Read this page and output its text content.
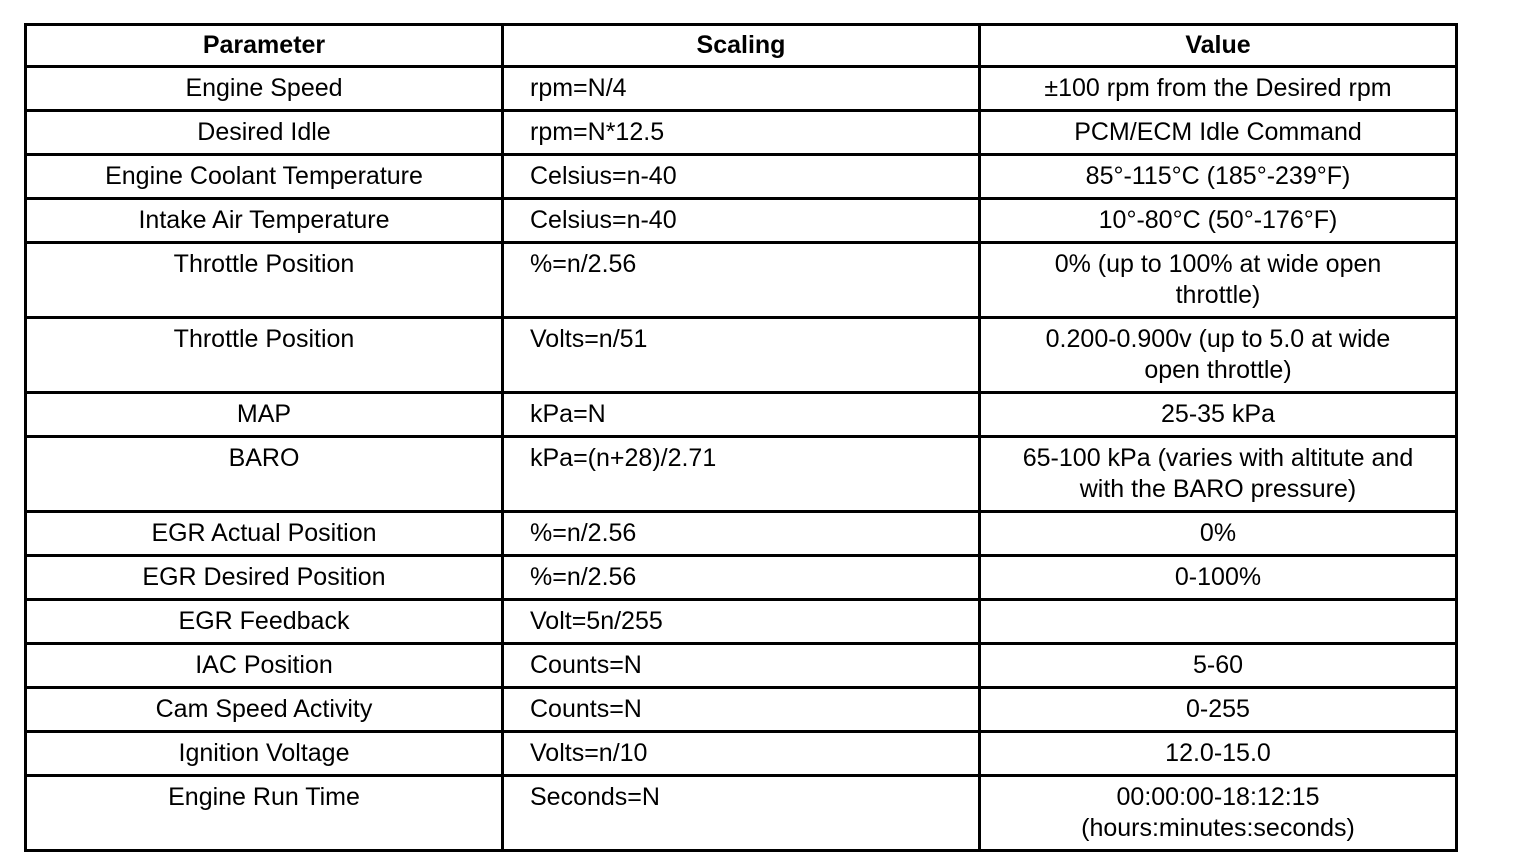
Parameter	Scaling	Value
Engine Speed	rpm=N/4	±100 rpm from the Desired rpm
Desired Idle	rpm=N*12.5	PCM/ECM Idle Command
Engine Coolant Temperature	Celsius=n-40	85°-115°C (185°-239°F)
Intake Air Temperature	Celsius=n-40	10°-80°C (50°-176°F)
Throttle Position	%=n/2.56	0% (up to 100% at wide open
throttle)
Throttle Position	Volts=n/51	0.200-0.900v (up to 5.0 at wide
open throttle)
MAP	kPa=N	25-35 kPa
BARO	kPa=(n+28)/2.71	65-100 kPa (varies with altitute and
with the BARO pressure)
EGR Actual Position	%=n/2.56	0%
EGR Desired Position	%=n/2.56	0-100%
EGR Feedback	Volt=5n/255	
IAC Position	Counts=N	5-60
Cam Speed Activity	Counts=N	0-255
Ignition Voltage	Volts=n/10	12.0-15.0
Engine Run Time	Seconds=N	00:00:00-18:12:15
(hours:minutes:seconds)
